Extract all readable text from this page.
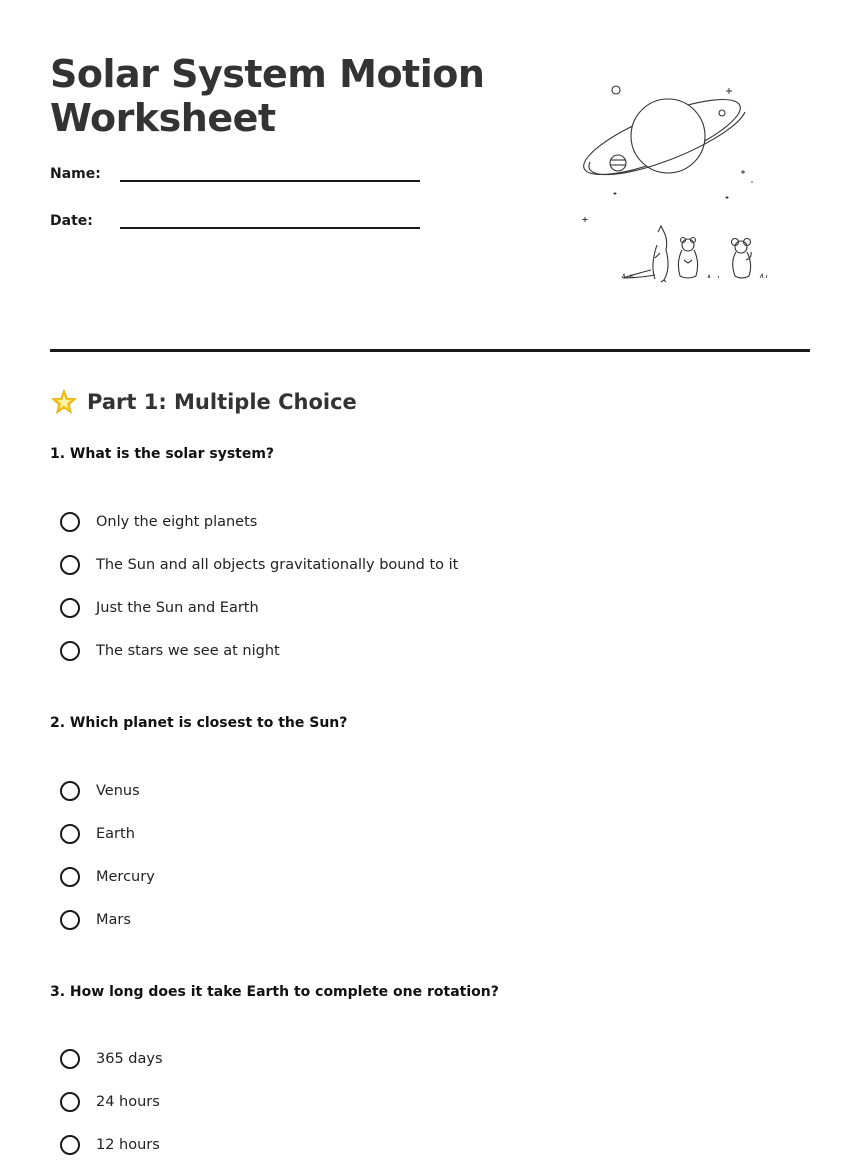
Solar System Motion
Worksheet
Name:
Date:
Part 1: Multiple Choice
1. What is the solar system?
Only the eight planets
The Sun and all objects gravitationally bound to it
Just the Sun and Earth
The stars we see at night
2. Which planet is closest to the Sun?
Venus
Earth
Mercury
Mars
3. How long does it take Earth to complete one rotation?
365 days
24 hours
12 hours
